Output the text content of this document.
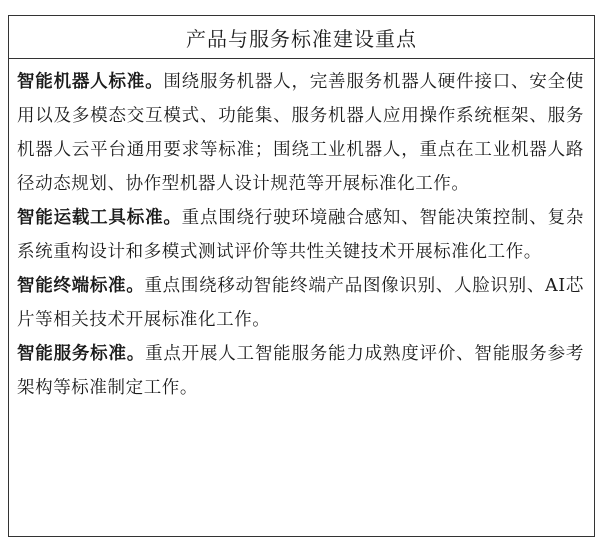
产品与服务标准建设重点

智能机器人标准。围绕服务机器人，完善服务机器人硬件接口、安全使用以及多模态交互模式、功能集、服务机器人应用操作系统框架、服务机器人云平台通用要求等标准；围绕工业机器人，重点在工业机器人路径动态规划、协作型机器人设计规范等开展标准化工作。

智能运载工具标准。重点围绕行驶环境融合感知、智能决策控制、复杂系统重构设计和多模式测试评价等共性关键技术开展标准化工作。

智能终端标准。重点围绕移动智能终端产品图像识别、人脸识别、AI芯片等相关技术开展标准化工作。

智能服务标准。重点开展人工智能服务能力成熟度评价、智能服务参考架构等标准制定工作。
